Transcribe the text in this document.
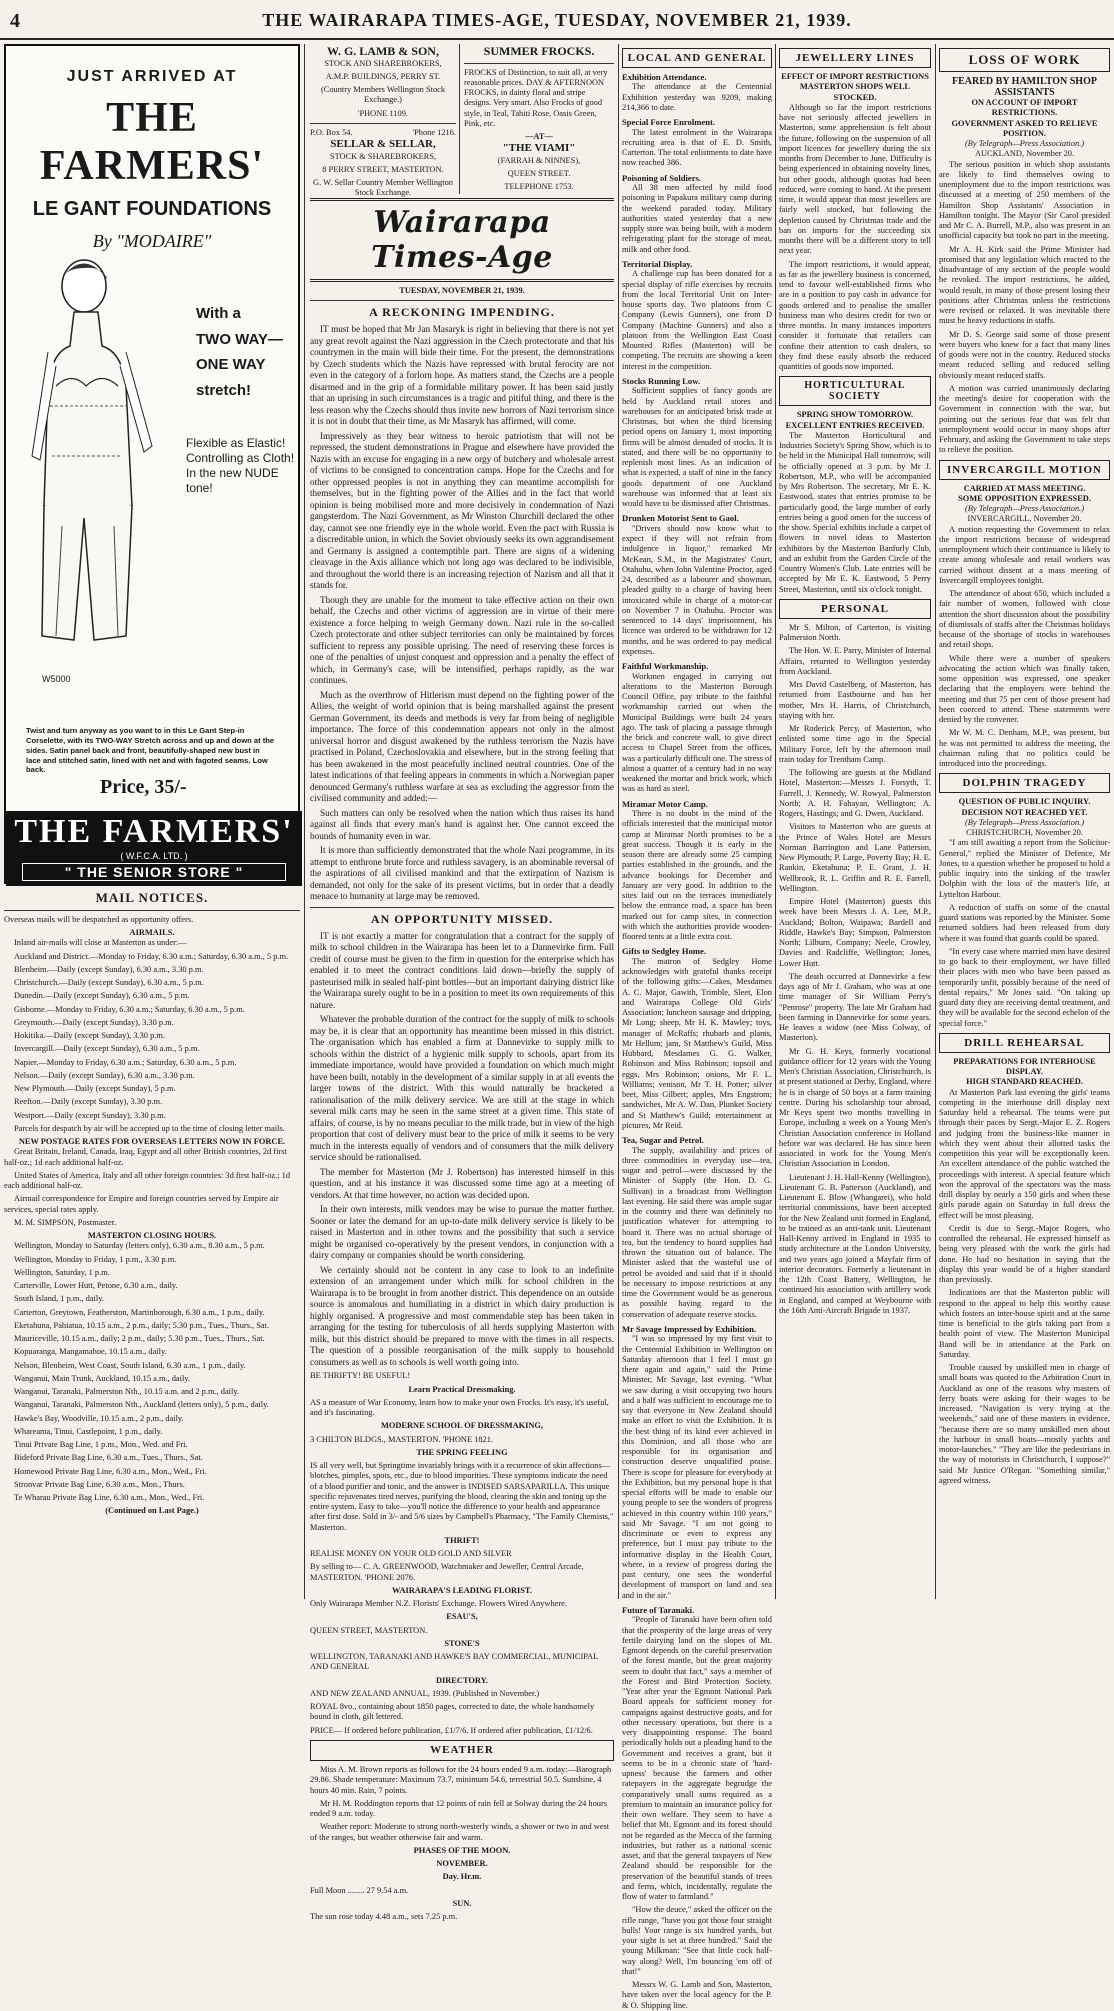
4	THE WAIRARAPA TIMES-AGE, TUESDAY, NOVEMBER 21, 1939.
JUST ARRIVED AT
THE FARMERS'
LE GANT FOUNDATIONS
By "MODAIRE"
With a
TWO WAY—
ONE WAY
stretch!
Flexible as Elastic!
Controlling as Cloth!
In the new NUDE
tone!
W5000
Twist and turn anyway as you want to in this Le Gant Step-in Corselette, with its TWO-WAY Stretch across and up and down at the sides. Satin panel back and front, beautifully-shaped new bust in lace and stitched satin, lined with net and with fagoted seams. Low back.
Price, 35/-
THE FARMERS'
( W.F.C.A. LTD. )
" THE SENIOR STORE "
MAIL NOTICES.

Overseas mails will be despatched as opportunity offers.

AIRMAILS.

Inland air-mails will close at Masterton as under:—

Auckland and District.—Monday to Friday, 6.30 a.m.; Saturday, 6.30 a.m., 5 p.m.

Blenheim.—Daily (except Sunday), 6.30 a.m., 3.30 p.m.

Christchurch.—Daily (except Sunday), 6.30 a.m., 5 p.m.

Dunedin.—Daily (except Sunday), 6.30 a.m., 5 p.m.

Gisborne.—Monday to Friday, 6.30 a.m.; Saturday, 6.30 a.m., 5 p.m.

Greymouth.—Daily (except Sunday), 3.30 p.m.

Hokitika.—Daily (except Sunday), 3.30 p.m.

Invercargill.—Daily (except Sunday), 6.30 a.m., 5 p.m.

Napier.—Monday to Friday, 6.30 a.m.; Saturday, 6.30 a.m., 5 p.m.

Nelson.—Daily (except Sunday), 6.30 a.m., 3.30 p.m.

New Plymouth.—Daily (except Sunday), 5 p.m.

Reefton.—Daily (except Sunday), 3.30 p.m.

Westport.—Daily (except Sunday), 3.30 p.m.

Parcels for despatch by air will be accepted up to the time of closing letter mails.

NEW POSTAGE RATES FOR OVERSEAS LETTERS NOW IN FORCE.

Great Britain, Ireland, Canada, Iraq, Egypt and all other British countries, 2d first half-oz.; 1d each additional half-oz.

United States of America, Italy and all other foreign countries: 3d first half-oz.; 1d each additional half-oz.

Airmail correspondence for Empire and foreign countries served by Empire air services, special rates apply.

M. M. SIMPSON, Postmaster.

MASTERTON CLOSING HOURS.

Wellington, Monday to Saturday (letters only), 6.30 a.m., 8.30 a.m., 5 p.m.

Wellington, Monday to Friday, 1 p.m., 3.30 p.m.

Wellington, Saturday, 1 p.m.

Carterville, Lower Hutt, Petone, 6.30 a.m., daily.

South Island, 1 p.m., daily.

Carterton, Greytown, Featherston, Martinborough, 6.30 a.m., 1 p.m., daily.

Eketahuna, Pahiatua, 10.15 a.m., 2 p.m., daily; 5.30 p.m., Tues., Thurs., Sat.

Mauriceville, 10.15 a.m., daily; 2 p.m., daily; 5.30 p.m., Tues., Thurs., Sat.

Kopuaranga, Mangamahoe, 10.15 a.m., daily.

Nelson, Blenheim, West Coast, South Island, 6.30 a.m., 1 p.m., daily.

Wanganui, Main Trunk, Auckland, 10.15 a.m., daily.

Wanganui, Taranaki, Palmerston Nth., 10.15 a.m. and 2 p.m., daily.

Wanganui, Taranaki, Palmerston Nth., Auckland (letters only), 5 p.m., daily.

Hawke's Bay, Woodville, 10.15 a.m., 2 p.m., daily.

Whareama, Tinui, Castlepoint, 1 p.m., daily.

Tinui Private Bag Line, 1 p.m., Mon., Wed. and Fri.

Bideford Private Bag Line, 6.30 a.m., Tues., Thurs., Sat.

Homewood Private Bag Line, 6.30 a.m., Mon., Wed., Fri.

Stronvar Private Bag Line, 6.30 a.m., Mon., Thurs.

Te Wharau Private Bag Line, 6.30 a.m., Mon., Wed., Fri.

(Continued on Last Page.)
W. G. LAMB & SON,

STOCK AND SHAREBROKERS,

A.M.P. BUILDINGS, PERRY ST.

(Country Members Wellington Stock Exchange.)

'PHONE 1109.

P.O. Box 54.	'Phone 1216.
SELLAR & SELLAR,

STOCK & SHAREBROKERS,

8 PERRY STREET, MASTERTON.

G. W. Sellar Country Member Wellington Stock Exchange.

SUMMER FROCKS.

FROCKS of Distinction, to suit all, at very reasonable prices. DAY & AFTERNOON FROCKS, in dainty floral and stripe designs. Very smart. Also Frocks of good style, in Teal, Tahiti Rose, Oasis Green, Pink, etc.

—AT—
"THE VIAMI"

(FARRAH & NINNES),

QUEEN STREET.

TELEPHONE 1753.

Wairarapa Times-Age
TUESDAY, NOVEMBER 21, 1939.
A RECKONING IMPENDING.

IT must be hoped that Mr Jan Masaryk is right in believing that there is not yet any great revolt against the Nazi aggression in the Czech protectorate and that his countrymen in the main will bide their time. For the present, the demonstrations by Czech students which the Nazis have repressed with brutal ferocity are not even in the category of a forlorn hope. As matters stand, the Czechs are a people disarmed and in the grip of a formidable military power. It has been said justly that an uprising in such circumstances is a tragic and pitiful thing, and there is the less reason why the Czechs should thus invite new horrors of Nazi terrorism since it is not in doubt that their time, as Mr Masaryk has affirmed, will come.

Impressively as they bear witness to heroic patriotism that will not be repressed, the student demonstrations in Prague and elsewhere have provided the Nazis with an excuse for engaging in a new orgy of butchery and wholesale arrest of victims to be consigned to concentration camps. Hope for the Czechs and for other oppressed peoples is not in anything they can meantime accomplish for themselves, but in the fighting power of the Allies and in the fact that world opinion is being mobilised more and more decisively in condemnation of Nazi gangsterdom. The Nazi Government, as Mr Winston Churchill declared the other day, cannot see one friendly eye in the whole world. Even the pact with Russia is a discreditable union, in which the Soviet obviously seeks its own aggrandisement and Germany is assigned a contemptible part. There are signs of a widening cleavage in the Axis alliance which not long ago was declared to be indivisible, and throughout the world there is an increasing rejection of Nazism and all that it stands for.

Though they are unable for the moment to take effective action on their own behalf, the Czechs and other victims of aggression are in virtue of their mere existence a force helping to weigh Germany down. Nazi rule in the so-called Czech protectorate and other subject territories can only be maintained by forces sufficient to repress any possible uprising. The need of reserving these forces is one of the penalties of unjust conquest and oppression and a penalty the effect of which, in Germany's case, will be intensified, perhaps rapidly, as the war continues.

Much as the overthrow of Hitlerism must depend on the fighting power of the Allies, the weight of world opinion that is being marshalled against the present German Government, its deeds and methods is very far from being of negligible importance. The force of this condemnation appears not only in the almost universal horror and disgust awakened by the ruthless terrorism the Nazis have practised in Poland, Czechoslovakia and elsewhere, but in the strong feeling that has been awakened in the most peacefully inclined neutral countries. One of the latest indications of that feeling appears in comments in which a Norwegian paper denounced Germany's ruthless warfare at sea as excluding the aggressor from the civilised community and added:—

Such matters can only be resolved when the nation which thus raises its hand against all finds that every man's hand is against her. One cannot exceed the bounds of humanity even in war.

It is more than sufficiently demonstrated that the whole Nazi programme, in its attempt to enthrone brute force and ruthless savagery, is an abominable reversal of the aspirations of all civilised mankind and that the extirpation of Nazism is demanded, not only for the sake of its present victims, but in order that a deadly menace to humanity at large may be removed.

AN OPPORTUNITY MISSED.

IT is not exactly a matter for congratulation that a contract for the supply of milk to school children in the Wairarapa has been let to a Dannevirke firm. Full credit of course must be given to the firm in question for the enterprise which has enabled it to meet the contract conditions laid down—briefly the supply of pasteurised milk in sealed half-pint bottles—but an important dairying district like the Wairarapa surely ought to be in a position to meet its own requirements of this nature.

Whatever the probable duration of the contract for the supply of milk to schools may be, it is clear that an opportunity has meantime been missed in this district. The organisation which has enabled a firm at Dannevirke to supply milk to schools within the district of a hygienic milk supply to schools, apart from its immediate importance, would have provided a foundation on which much might have been built, notably in the development of a similar supply in at all events the larger towns of the district. With this would naturally be bracketed a rationalisation of the milk delivery service. We are still at the stage in which several milk carts may be seen in the same street at a given time. This state of affairs, of course, is by no means peculiar to the milk trade, but in view of the high proportion that cost of delivery must bear to the price of milk it seems to be very much in the interests equally of vendors and of consumers that the milk delivery service should be rationalised.

The member for Masterton (Mr J. Robertson) has interested himself in this question, and at his instance it was discussed some time ago at a meeting of vendors. At that time however, no action was decided upon.

In their own interests, milk vendors may be wise to pursue the matter further. Sooner or later the demand for an up-to-date milk delivery service is likely to be raised in Masterton and in other towns and the possibility that such a service might be organised co-operatively by the present vendors, in conjunction with a dairy company or companies should be worth considering.

We certainly should not be content in any case to look to an indefinite extension of an arrangement under which milk for school children in the Wairarapa is to be brought in from another district. This dependence on an outside source is anomalous and humiliating in a district in which dairy production is highly organised. A progressive and most commendable step has been taken in arranging for the testing for tuberculosis of all herds supplying Masterton with milk, but this district should be prepared to move with the times in all respects. The question of a possible reorganisation of the milk supply to household consumers as well as to schools is well worth going into.

BE THRIFTY! BE USEFUL!

Learn Practical Dressmaking.

AS a measure of War Economy, learn how to make your own Frocks. It's easy, it's useful, and it's fascinating.

MODERNE SCHOOL OF DRESSMAKING,

3 CHILTON BLDGS., MASTERTON. 'PHONE 1821.

THE SPRING FEELING

IS all very well, but Springtime invariably brings with it a recurrence of skin affections—blotches, pimples, spots, etc., due to blood impurities. These symptoms indicate the need of a blood purifier and tonic, and the answer is INDISED SARSAPARILLA. This unique specific rejuvenates tired nerves, purifying the blood, clearing the skin and toning up the entire system. Easy to take—you'll notice the difference to your health and appearance after first dose. Sold in 3/- and 5/6 sizes by Campbell's Pharmacy, "The Family Chemists," Masterton.

THRIFT!

REALISE MONEY ON YOUR OLD GOLD AND SILVER

By selling to— C. A. GREENWOOD, Watchmaker and Jeweller, Central Arcade, MASTERTON. 'PHONE 2076.

WAIRARAPA'S LEADING FLORIST.

Only Wairarapa Member N.Z. Florists' Exchange. Flowers Wired Anywhere.

ESAU'S,

QUEEN STREET, MASTERTON.

STONE'S

WELLINGTON, TARANAKI AND HAWKE'S BAY COMMERCIAL, MUNICIPAL AND GENERAL

DIRECTORY.

AND NEW ZEALAND ANNUAL, 1939. (Published in November.)

ROYAL 8vo., containing about 1850 pages, corrected to date, the whole handsomely bound in cloth, gilt lettered.

PRICE— If ordered before publication, £1/7/6. If ordered after publication, £1/12/6.

WEATHER

Miss A. M. Brown reports as follows for the 24 hours ended 9 a.m. today:—Barograph 29.86. Shade temperature: Maximum 73.7, minimum 54.6, terrestrial 50.5. Sunshine, 4 hours 40 min. Rain, 7 points.

Mr H. M. Roddington reports that 12 points of rain fell at Solway during the 24 hours ended 9 a.m. today.

Weather report: Moderate to strong north-westerly winds, a shower or two in and west of the ranges, but weather otherwise fair and warm.

PHASES OF THE MOON.

NOVEMBER.

Day. Hr.m.

Full Moon ........ 27 9.54 a.m.

SUN.

The sun rose today 4.48 a.m., sets 7.25 p.m.

LOCAL AND GENERAL
Exhibition Attendance.

The attendance at the Centennial Exhibition yesterday was 9209, making 214,366 to date.

Special Force Enrolment.

The latest enrolment in the Wairarapa recruiting area is that of E. D. Smith, Carterton. The total enlistments to date have now reached 386.

Poisoning of Soldiers.

All 38 men affected by mild food poisoning in Papakura military camp during the weekend paraded today. Military authorities stated yesterday that a new supply store was being built, with a modern refrigerating plant for the storage of meat, milk and other food.

Territorial Display.

A challenge cup has been donated for a special display of rifle exercises by recruits from the local Territorial Unit on Inter-house sports day. Two platoons from C Company (Lewis Gunners), one from D Company (Machine Gunners) and also a platoon from the Wellington East Coast Mounted Rifles (Masterton) will be competing. The recruits are showing a keen interest in the competition.

Stocks Running Low.

Sufficient supplies of fancy goods are held by Auckland retail stores and warehouses for an anticipated brisk trade at Christmas, but when the third licensing period opens on January 1, most importing firms will be almost denuded of stocks. It is stated, and there will be no opportunity to replenish most lines. As an indication of what is expected, a staff of nine in the fancy goods department of one Auckland warehouse was informed that at least six would have to be dismissed after Christmas.

Drunken Motorist Sent to Gaol.

"Drivers should now know what to expect if they will not refrain from indulgence in liquor," remarked Mr McKean, S.M., in the Magistrates' Court, Otahuhu, when John Valentine Proctor, aged 24, described as a labourer and showman, pleaded guilty to a charge of having been intoxicated while in charge of a motor-car on November 7 in Otahuhu. Proctor was sentenced to 14 days' imprisonment, his licence was ordered to be withdrawn for 12 months, and he was ordered to pay medical expenses.

Faithful Workmanship.

Workmen engaged in carrying out alterations to the Masterton Borough Council Office, pay tribute to the faithful workmanship carried out when the Municipal Buildings were built 24 years ago. The task of placing a passage through the brick and concrete wall, to give direct access to Chapel Street from the offices, was a particularly difficult one. The stress of almost a quarter of a century had in no way weakened the mortar and brick work, which was as hard as steel.

Miramar Motor Camp.

There is no doubt in the mind of the officials interested that the municipal motor camp at Miramar North promises to be a great success. Though it is early in the season there are already some 25 camping parties established in the grounds, and the advance bookings for December and January are very good. In addition to the sites laid out on the terraces immediately below the entrance road, a space has been marked out for camp sites, in connection with which the authorities provide wooden-floored tents at a little extra cost.

Gifts to Sedgley Home.

The matron of Sedgley Home acknowledges with grateful thanks receipt of the following gifts:—Cakes, Mesdames A. C. Major, Gawith, Trimble, Sleet, Elon and Wairarapa College Old Girls' Association; luncheon sausage and dripping, Mr Long; sheep, Mr H. K. Mawley; toys, manager of McRaffs; rhubarb and plants, Mr Hellum; jam, St Matthew's Guild, Miss Hubbard, Mesdames G. G. Walker, Robinson and Miss Robinson; topsoil and eggs, Mrs Robinson; onions, Mr F. L. Williams; venison, Mr T. H. Potter; silver beet, Miss Gilbert; apples, Mrs Engstrom; sandwiches, Mr A. W. Dan, Plunket Society and St Matthew's Guild; entertainment at pictures, Mr Reid.

Tea, Sugar and Petrol.

The supply, availability and prices of three commodities in everyday use—tea, sugar and petrol—were discussed by the Minister of Supply (the Hon. D. G. Sullivan) in a broadcast from Wellington last evening. He said there was ample sugar in the country and there was definitely no justification whatever for attempting to hoard it. There was no actual shortage of tea, but the tendency to hoard supplies had thrown the situation out of balance. The Minister asked that the wasteful use of petrol be avoided and said that if it should be necessary to impose restrictions at any time the Government would be as generous as possible having regard to the conservation of adequate reserve stocks.

Mr Savage Impressed by Exhibition.

"I was so impressed by my first visit to the Centennial Exhibition in Wellington on Saturday afternoon that I feel I must go there again and again," said the Prime Minister, Mr Savage, last evening. "What we saw during a visit occupying two hours and a half was sufficient to encourage me to say that everyone in New Zealand should make an effort to visit the Exhibition. It is the best thing of its kind ever achieved in this Dominion, and all those who are responsible for its organisation and construction deserve unqualified praise. There is scope for pleasure for everybody at the Exhibition, but my personal hope is that special efforts will be made to enable our young people to see the wonders of progress achieved in this country within 100 years," said Mr Savage. "I am not going to discriminate or even to express any preference, but I must pay tribute to the informative display in the Health Court, where, in a review of progress during the past century, one sees the wonderful development of transport on land and sea and in the air."

Future of Taranaki.

"People of Taranaki have been often told that the prosperity of the large areas of very fertile dairying land on the slopes of Mt. Egmont depends on the careful preservation of the forest mantle, but the great majority seem to doubt that fact," says a member of the Forest and Bird Protection Society. "Year after year the Egmont National Park Board appeals for sufficient money for campaigns against destructive goats, and for other necessary operations, but there is a very disappointing response. The board periodically holds out a pleading hand to the Government and receives a grant, but it seems to be in a chronic state of 'hard-upness' because the farmers and other ratepayers in the aggregate begrudge the comparatively small sums required as a premium to maintain an insurance policy for their own welfare. They seem to have a belief that Mt. Egmont and its forest should not be regarded as the Mecca of the farming industries, but rather as a national scenic asset, and that the general taxpayers of New Zealand should be responsible for the preservation of the beautiful stands of trees and ferns, which, incidentally, regulate the flow of water to farmland."

"How the deuce," asked the officer on the rifle range, "have you got those four straight bulls! Your range is six hundred yards, but your sight is set at three hundred." Said the young Milkman: "See that little cock half-way along? Well, I'm bouncing 'em off of that!"

Messrs W. G. Lamb and Son, Masterton, have taken over the local agency for the P. & O. Shipping line.

JEWELLERY LINES
EFFECT OF IMPORT RESTRICTIONS
MASTERTON SHOPS WELL STOCKED.

Although so far the import restrictions have not seriously affected jewellers in Masterton, some apprehension is felt about the future, following on the suspension of all import licences for jewellery during the six months from December to June. Difficulty is being experienced in obtaining novelty lines, but other goods, although quotas had been reduced, were coming to hand. At the present time, it would appear that most jewellers are fairly well stocked, but following the depletion caused by Christmas trade and the ban on imports for the succeeding six months there will be a different story to tell next year.

The import restrictions, it would appear, as far as the jewellery business is concerned, tend to favour well-established firms who are in a position to pay cash in advance for goods ordered and to penalise the smaller business man who desires credit for two or three months. In many instances importers consider it fortunate that retailers can confine their attention to cash dealers, so they find these easily absorb the reduced quantities of goods now imported.

HORTICULTURAL SOCIETY
SPRING SHOW TOMORROW.
EXCELLENT ENTRIES RECEIVED.

The Masterton Horticultural and Industries Society's Spring Show, which is to be held in the Municipal Hall tomorrow, will be officially opened at 3 p.m. by Mr J. Robertson, M.P., who will be accompanied by Mrs Robertson. The secretary, Mr E. K. Eastwood, states that entries promise to be particularly good, the large number of early entries being a good omen for the success of the show. Special exhibits include a carpet of flowers in novel ideas to Masterton exhibitors by the Masterton Banfurly Club, and an exhibit from the Garden Circle of the Country Women's Club. Late entries will be accepted by Mr E. K. Eastwood, 5 Perry Street, Masterton, until six o'clock tonight.

PERSONAL

Mr S. Milton, of Carterton, is visiting Palmerston North.

The Hon. W. E. Parry, Minister of Internal Affairs, returned to Wellington yesterday from Auckland.

Mrs David Castelberg, of Masterton, has returned from Eastbourne and has her mother, Mrs H. Harris, of Christchurch, staying with her.

Mr Roderick Percy, of Masterton, who enlisted some time ago in the Special Military Force, left by the afternoon mail train today for Trentham Camp.

The following are guests at the Midland Hotel, Masterton:—Messrs J. Forsyth, T. Farrell, J. Kennedy, W. Rowyal, Palmerston North; A. H. Fahayan, Wellington; A. Rogers, Hastings; and G. Dwen, Auckland.

Visitors to Masterton who are guests at the Prince of Wales Hotel are Messrs Norman Barrington and Lane Patterson, New Plymouth; P. Large, Poverty Bay; H. E. Rankin, Eketahuna; P. E. Grant, J. H. Wellbrook, R. L. Griffin and R. E. Farrell, Wellington.

Empire Hotel (Masterton) guests this week have been Messrs J. A. Lee, M.P., Auckland; Bolton, Waipawa; Bardell and Riddle, Hawke's Bay; Simpson, Palmerston North; Lilburn, Company; Neele, Crowley, Davies and Radcliffe, Wellington; Jones, Lower Hutt.

The death occurred at Dannevirke a few days ago of Mr J. Graham, who was at one time manager of Sir William Perry's "Penrose" property. The late Mr Graham had been farming in Dannevirke for some years. He leaves a widow (nee Miss Colway, of Masterton).

Mr G. H. Keys, formerly vocational guidance officer for 12 years with the Young Men's Christian Association, Christchurch, is at present stationed at Derby, England, where he is in charge of 50 boys at a farm training centre. During his scholarship tour abroad, Mr Keys spent two months travelling in Europe, including a week on a Young Men's Christian Association conference in Holland before war was declared. He has since been associated in work for the Young Men's Christian Association in London.

Lieutenant J. H. Hall-Kenny (Wellington), Lieutenant G. B. Patterson (Auckland), and Lieutenant E. Blow (Whangarei), who hold territorial commissions, have been accepted for the New Zealand unit formed in England, to be trained as an anti-tank unit. Lieutenant Hall-Kenny arrived in England in 1935 to study architecture at the London University, and two years ago joined a Mayfair firm of interior decorators. Formerly a lieutenant in the 12th Coast Battery, Wellington, he continued his association with artillery work in England, and camped at Weybourne with the 16th Anti-Aircraft Brigade in 1937.

LOSS OF WORK
FEARED BY HAMILTON SHOP ASSISTANTS
ON ACCOUNT OF IMPORT RESTRICTIONS.
GOVERNMENT ASKED TO RELIEVE POSITION.
(By Telegraph—Press Association.)
AUCKLAND, November 20.

The serious position in which shop assistants are likely to find themselves owing to unemployment due to the import restrictions was discussed at a meeting of 250 members of the Hamilton Shop Assistants' Association in Hamilton tonight. The Mayor (Sir Carol presided and Mr C. A. Burrell, M.P., also was present in an unofficial capacity but took no part in the meeting.

Mr A. H. Kirk said the Prime Minister had promised that any legislation which reacted to the disadvantage of any section of the people would be revoked. The import restrictions, he added, would result, in many of those present losing their positions after Christmas unless the restrictions were revised or relaxed. It was inevitable there must be heavy reductions in staffs.

Mr D. S. George said some of those present were buyers who knew for a fact that many lines of goods were not in the country. Reduced stocks meant reduced selling and reduced selling obviously meant reduced staffs.

A motion was carried unanimously declaring the meeting's desire for cooperation with the Government in connection with the war, but pointing out the serious fear that was felt that unemployment would occur in many shops after February, and asking the Government to take steps to relieve the position.

INVERCARGILL MOTION
CARRIED AT MASS MEETING.
SOME OPPOSITION EXPRESSED.
(By Telegraph—Press Association.)
INVERCARGILL, November 20.

A motion requesting the Government to relax the import restrictions because of widespread unemployment which their continuance is likely to create among wholesale and retail workers was carried without dissent at a mass meeting of Invercargill employees tonight.

The attendance of about 650, which included a fair number of women, followed with close attention the short discussion about the possibility of dismissals of staffs after the Christmas holidays because of the shortage of stocks in warehouses and retail shops.

While there were a number of speakers advocating the action which was finally taken, some opposition was expressed, one speaker declaring that the employers were behind the meeting and that 75 per cent of those present had been coerced to attend. These statements were denied by the convener.

Mr W. M. C. Denham, M.P., was present, but he was not permitted to address the meeting, the chairman ruling that no politics could be introduced into the proceedings.

DOLPHIN TRAGEDY
QUESTION OF PUBLIC INQUIRY.
DECISION NOT REACHED YET.
(By Telegraph—Press Association.)
CHRISTCHURCH, November 20.

"I am still awaiting a report from the Solicitor-General," replied the Minister of Defence, Mr Jones, to a question whether he proposed to hold a public inquiry into the sinking of the trawler Dolphin with the loss of the master's life, at Lyttelton Harbour.

A reduction of staffs on some of the coastal guard stations was reported by the Minister. Some returned soldiers had been released from duty where it was found that guards could be spared.

"In every case where married men have desired to go back to their employment, we have filled their places with men who have been passed as temporarily unfit, possibly because of the need of dental repairs," Mr Jones said. "On taking up guard duty they are receiving dental treatment, and they will be available for the second echelon of the special force."

DRILL REHEARSAL
PREPARATIONS FOR INTERHOUSE DISPLAY.
HIGH STANDARD REACHED.

At Masterton Park last evening the girls' teams competing in the interhouse drill display next Saturday held a rehearsal. The teams were put through their paces by Sergt.-Major E. Z. Rogers and judging from the business-like manner in which they went about their allotted tasks the competition this year will be exceptionally keen. An excellent attendance of the public watched the proceedings with interest. A special feature which won the approval of the spectators was the mass drill display by nearly a 150 girls and when these girls parade again on Saturday in full dress the effect will be most pleasing.

Credit is due to Sergt.-Major Rogers, who controlled the rehearsal. He expressed himself as being very pleased with the work the girls had done. He had no hesitation in saying that the display this year would be of a higher standard than previously.

Indications are that the Masterton public will respond to the appeal to help this worthy cause which fosters an inter-house spirit and at the same time is beneficial to the girls taking part from a health point of view. The Masterton Municipal Band will be in attendance at the Park on Saturday.

Trouble caused by unskilled men in charge of small boats was quoted to the Arbitration Court in Auckland as one of the reasons why masters of ferry boats were asking for their wages to be increased. "Navigation is very trying at the weekends," said one of these masters in evidence, "because there are so many unskilled men about the harbour in small boats—mostly yachts and motor-launches." "They are like the pedestrians in the way of motorists in Christchurch, I suppose?" said Mr Justice O'Regan. "Something similar," agreed witness.
